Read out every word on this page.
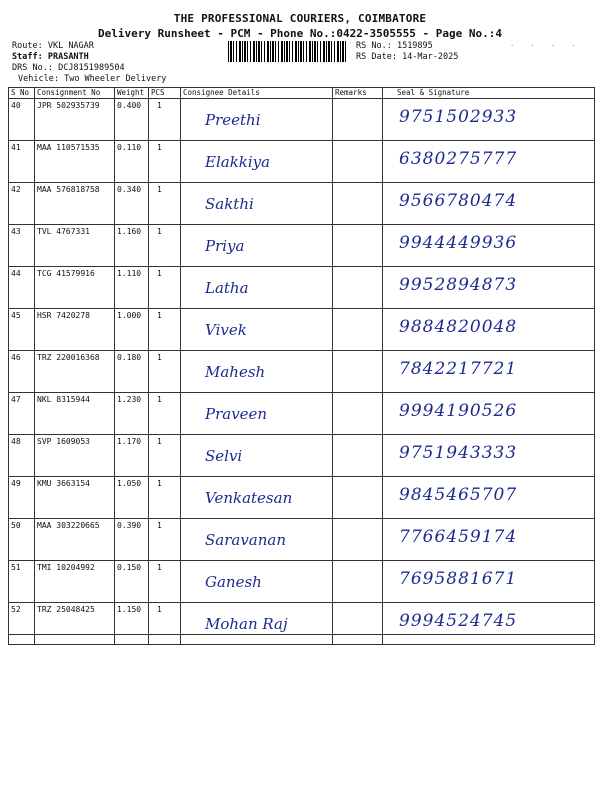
THE PROFESSIONAL COURIERS, COIMBATORE
Delivery Runsheet - PCM - Phone No.:0422-3505555 - Page No.:4
Route: VKL NAGAR
Staff: PRASANTH
DRS No.: DCJ8151989504
Vehicle: Two Wheeler Delivery
RS No.: 1519895
RS Date: 14-Mar-2025
· · · ·
S No	Consignment No	Weight	PCS	Consignee Details	Remarks	Seal & Signature
40	JPR 502935739	0.400	1	Preethi		9751502933

41	MAA 110571535	0.110	1	Elakkiya		6380275777

42	MAA 576818758	0.340	1	Sakthi		9566780474

43	TVL 4767331	1.160	1	Priya		9944449936

44	TCG 41579916	1.110	1	Latha		9952894873

45	HSR 7420278	1.000	1	Vivek		9884820048

46	TRZ 220016368	0.180	1	Mahesh		7842217721

47	NKL 8315944	1.230	1	Praveen		9994190526

48	SVP 1609053	1.170	1	Selvi		9751943333

49	KMU 3663154	1.050	1	Venkatesan		9845465707

50	MAA 303220665	0.390	1	Saravanan		7766459174

51	TMI 10204992	0.150	1	Ganesh		7695881671

52	TRZ 25048425	1.150	1	Mohan Raj		9994524745
